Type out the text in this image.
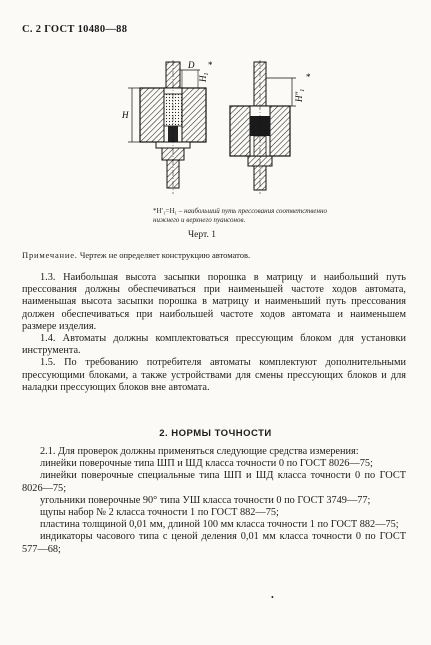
С. 2 ГОСТ 10480—88
D
H
$H_1$
*
$H''_1$
*
*H′₁=H₁ – наибольший путь прессования соответственно нижнего и верхнего пуансонов.
Черт. 1
Примечание. Чертеж не определяет конструкцию автоматов.

1.3. Наибольшая высота засыпки порошка в матрицу и наибольший путь прессования должны обеспечиваться при наименьшей частоте ходов автомата, наименьшая высота засыпки порошка в матрицу и наименьший путь прессования должен обеспечиваться при наибольшей частоте ходов автомата и наименьшем размере изделия.

1.4. Автоматы должны комплектоваться прессующим блоком для установки инструмента.

1.5. По требованию потребителя автоматы комплектуют дополнительными прессующими блоками, а также устройствами для смены прессующих блоков и для наладки прессующих блоков вне автомата.

2. НОРМЫ ТОЧНОСТИ

2.1. Для проверок должны применяться следующие средства измерения:

линейки поверочные типа ШП и ШД класса точности 0 по ГОСТ 8026—75;

линейки поверочные специальные типа ШП и ШД класса точности 0 по ГОСТ 8026—75;

угольники поверочные 90° типа УШ класса точности 0 по ГОСТ 3749—77;

щупы набор № 2 класса точности 1 по ГОСТ 882—75;

пластина толщиной 0,01 мм, длиной 100 мм класса точности 1 по ГОСТ 882—75;

индикаторы часового типа с ценой деления 0,01 мм класса точности 0 по ГОСТ 577—68;

•
